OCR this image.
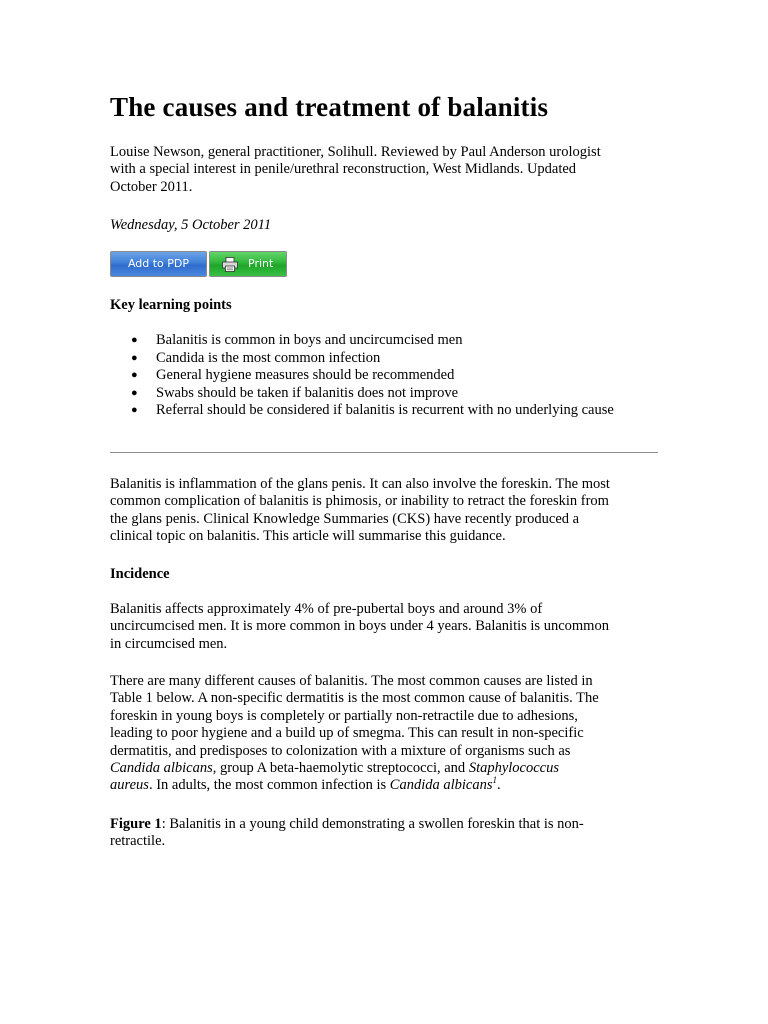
The causes and treatment of balanitis

Louise Newson, general practitioner, Solihull. Reviewed by Paul Anderson urologist
with a special interest in penile/urethral reconstruction, West Midlands. Updated
October 2011.

Wednesday, 5 October 2011
Add to PDP	Print
Key learning points
● Balanitis is common in boys and uncircumcised men
● Candida is the most common infection
● General hygiene measures should be recommended
● Swabs should be taken if balanitis does not improve
● Referral should be considered if balanitis is recurrent with no underlying cause

Balanitis is inflammation of the glans penis. It can also involve the foreskin. The most
common complication of balanitis is phimosis, or inability to retract the foreskin from
the glans penis. Clinical Knowledge Summaries (CKS) have recently produced a
clinical topic on balanitis. This article will summarise this guidance.

Incidence

Balanitis affects approximately 4% of pre-pubertal boys and around 3% of
uncircumcised men. It is more common in boys under 4 years. Balanitis is uncommon
in circumcised men.

There are many different causes of balanitis. The most common causes are listed in
Table 1 below. A non-specific dermatitis is the most common cause of balanitis. The
foreskin in young boys is completely or partially non-retractile due to adhesions,
leading to poor hygiene and a build up of smegma. This can result in non-specific
dermatitis, and predisposes to colonization with a mixture of organisms such as
Candida albicans, group A beta-haemolytic streptococci, and Staphylococcus
aureus. In adults, the most common infection is Candida albicans$^1$.

Figure 1: Balanitis in a young child demonstrating a swollen foreskin that is non-
retractile.
